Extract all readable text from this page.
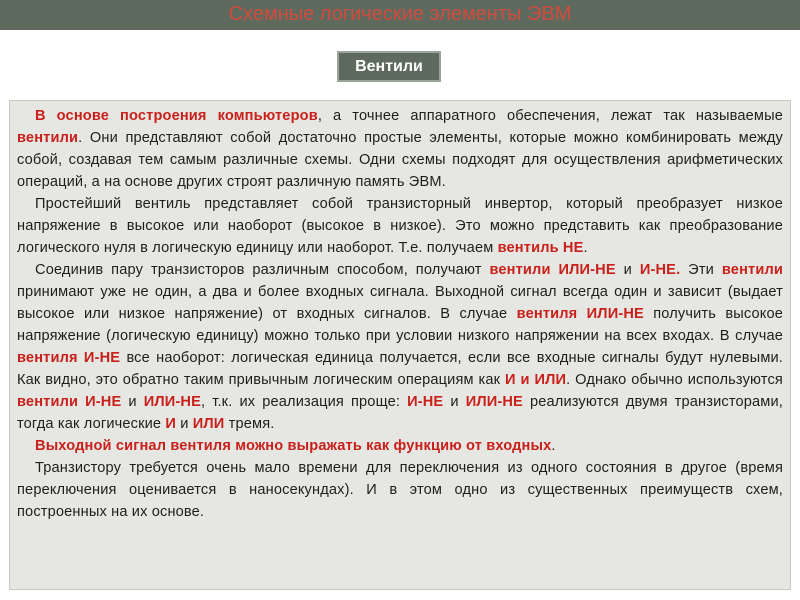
Схемные логические элементы ЭВМ
Вентили

В основе построения компьютеров, а точнее аппаратного обеспечения, лежат так называемые вентили. Они представляют собой достаточно простые элементы, которые можно комбинировать между собой, создавая тем самым различные схемы. Одни схемы подходят для осуществления арифметических операций, а на основе других строят различную память ЭВМ.

Простейший вентиль представляет собой транзисторный инвертор, который преобразует низкое напряжение в высокое или наоборот (высокое в низкое). Это можно представить как преобразование логического нуля в логическую единицу или наоборот. Т.е. получаем вентиль НЕ.

Соединив пару транзисторов различным способом, получают вентили ИЛИ-НЕ и И-НЕ. Эти вентили принимают уже не один, а два и более входных сигнала. Выходной сигнал всегда один и зависит (выдает высокое или низкое напряжение) от входных сигналов. В случае вентиля ИЛИ-НЕ получить высокое напряжение (логическую единицу) можно только при условии низкого напряжении на всех входах. В случае вентиля И-НЕ все наоборот: логическая единица получается, если все входные сигналы будут нулевыми. Как видно, это обратно таким привычным логическим операциям как И и ИЛИ. Однако обычно используются вентили И-НЕ и ИЛИ-НЕ, т.к. их реализация проще: И-НЕ и ИЛИ-НЕ реализуются двумя транзисторами, тогда как логические И и ИЛИ тремя.

Выходной сигнал вентиля можно выражать как функцию от входных.

Транзистору требуется очень мало времени для переключения из одного состояния в другое (время переключения оценивается в наносекундах). И в этом одно из существенных преимуществ схем, построенных на их основе.
